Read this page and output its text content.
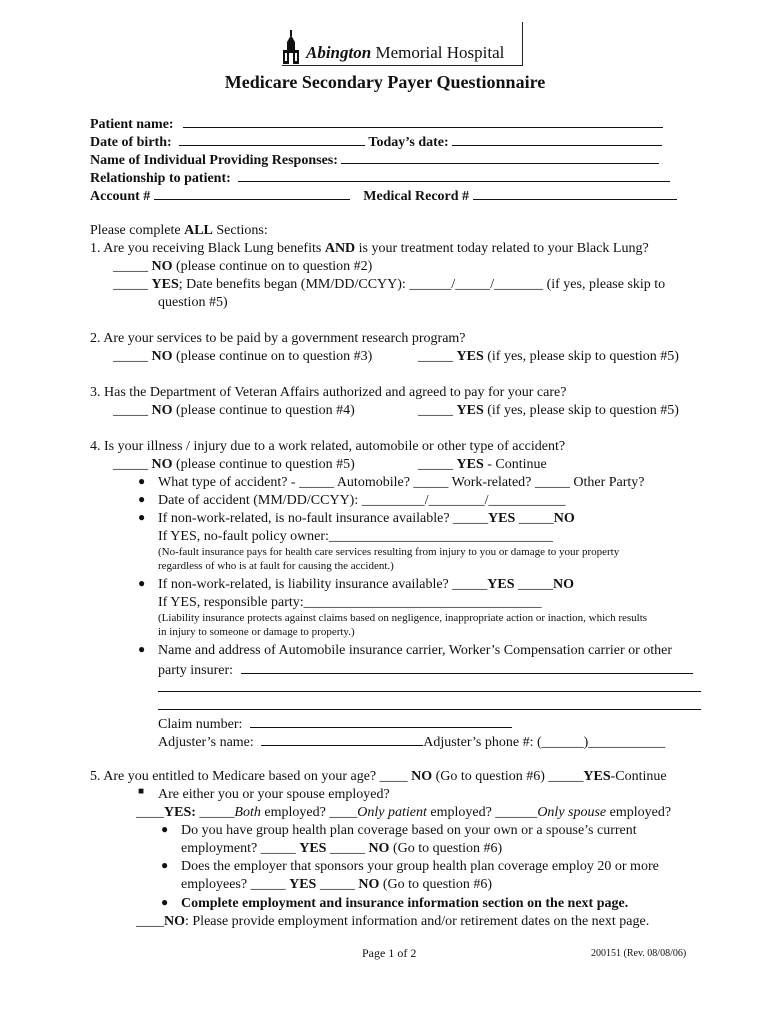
Abington Memorial Hospital
Medicare Secondary Payer Questionnaire
Patient name:
Date of birth:	Today’s date:
Name of Individual Providing Responses:
Relationship to patient:
Account #	Medical Record #
Please complete ALL Sections:
1. Are you receiving Black Lung benefits AND is your treatment today related to your Black Lung?
_____ NO (please continue on to question #2)
_____ YES; Date benefits began (MM/DD/CCYY): ______/_____/_______ (if yes, please skip to
question #5)
2. Are your services to be paid by a government research program?
_____ NO (please continue on to question #3)	_____ YES (if yes, please skip to question #5)
3. Has the Department of Veteran Affairs authorized and agreed to pay for your care?
_____ NO (please continue to question #4)	_____ YES (if yes, please skip to question #5)
4. Is your illness / injury due to a work related, automobile or other type of accident?
_____ NO (please continue to question #5)	_____ YES - Continue
● What type of accident? - _____ Automobile? _____ Work-related? _____ Other Party?
● Date of accident (MM/DD/CCYY): _________/________/___________
● If non-work-related, is no-fault insurance available? _____YES _____NO
If YES, no-fault policy owner:________________________________
(No-fault insurance pays for health care services resulting from injury to you or damage to your property
regardless of who is at fault for causing the accident.)
● If non-work-related, is liability insurance available? _____YES _____NO
If YES, responsible party:__________________________________
(Liability insurance protects against claims based on negligence, inappropriate action or inaction, which results
in injury to someone or damage to property.)
● Name and address of Automobile insurance carrier, Worker’s Compensation carrier or other
party insurer:
Claim number:
Adjuster’s name:	Adjuster’s phone #: (______)___________
5. Are you entitled to Medicare based on your age? ____ NO (Go to question #6) _____YES-Continue
■ Are either you or your spouse employed?
____YES: _____Both employed? ____Only patient employed? ______Only spouse employed?
● Do you have group health plan coverage based on your own or a spouse’s current
employment? _____ YES _____ NO (Go to question #6)
● Does the employer that sponsors your group health plan coverage employ 20 or more
employees? _____ YES _____ NO (Go to question #6)
● Complete employment and insurance information section on the next page.
____NO: Please provide employment information and/or retirement dates on the next page.
Page 1 of 2	200151 (Rev. 08/08/06)
